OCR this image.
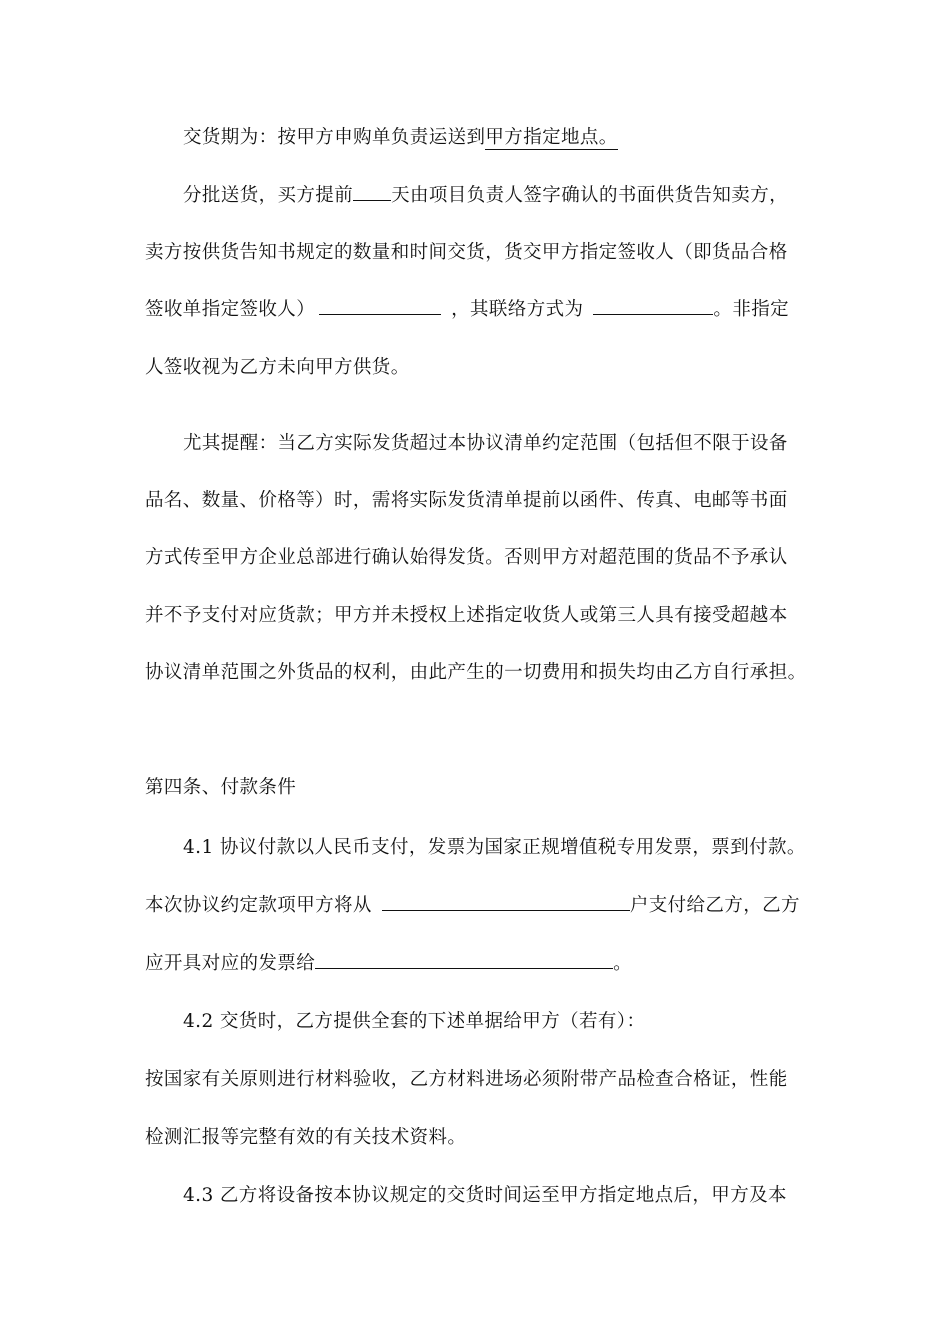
交货期为：按甲方申购单负责运送到甲方指定地点。
分批送货，买方提前 天由项目负责人签字确认的书面供货告知卖方，
卖方按供货告知书规定的数量和时间交货，货交甲方指定签收人（即货品合格
签收单指定签收人）	，其联络方式为	。非指定
人签收视为乙方未向甲方供货。
尤其提醒：当乙方实际发货超过本协议清单约定范围（包括但不限于设备
品名、数量、价格等）时，需将实际发货清单提前以函件、传真、电邮等书面
方式传至甲方企业总部进行确认始得发货。否则甲方对超范围的货品不予承认
并不予支付对应货款；甲方并未授权上述指定收货人或第三人具有接受超越本
协议清单范围之外货品的权利，由此产生的一切费用和损失均由乙方自行承担。
第四条、付款条件
4.1 协议付款以人民币支付，发票为国家正规增值税专用发票，票到付款。
本次协议约定款项甲方将从	户支付给乙方，乙方
应开具对应的发票给	。
4.2 交货时，乙方提供全套的下述单据给甲方（若有）：
按国家有关原则进行材料验收，乙方材料进场必须附带产品检查合格证，性能
检测汇报等完整有效的有关技术资料。
4.3 乙方将设备按本协议规定的交货时间运至甲方指定地点后，甲方及本
